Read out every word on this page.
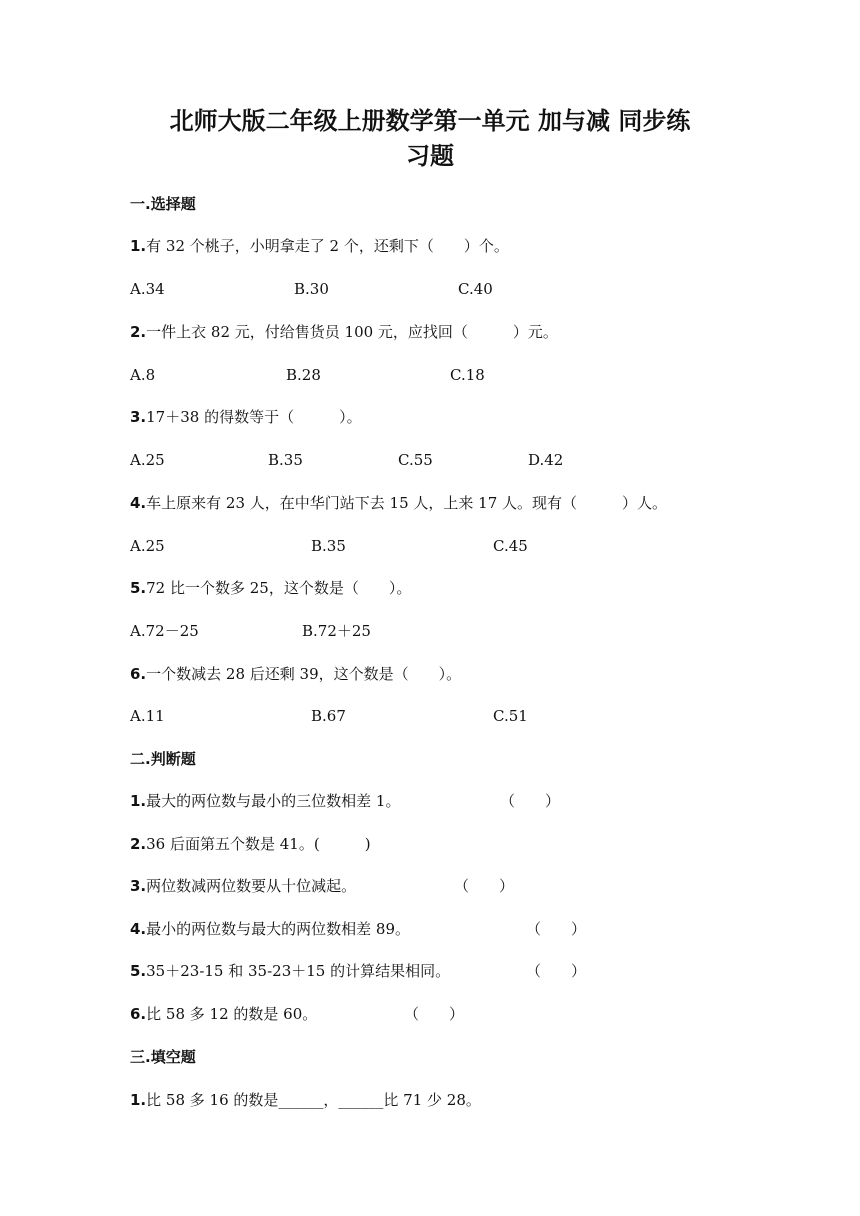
北师大版二年级上册数学第一单元 加与减 同步练
习题
一.选择题
1.有 32 个桃子，小明拿走了 2 个，还剩下（　　）个。
A.34	B.30	C.40
2.一件上衣 82 元，付给售货员 100 元，应找回（　　　）元。
A.8	B.28	C.18
3.17＋38 的得数等于（　　　）。
A.25	B.35	C.55	D.42
4.车上原来有 23 人，在中华门站下去 15 人，上来 17 人。现有（　　　）人。
A.25	B.35	C.45
5.72 比一个数多 25，这个数是（　　）。
A.72－25	B.72＋25
6.一个数减去 28 后还剩 39，这个数是（　　）。
A.11	B.67	C.51
二.判断题
1.最大的两位数与最小的三位数相差 1。	（　　）
2.36 后面第五个数是 41。(　　　)
3.两位数减两位数要从十位减起。	（　　）
4.最小的两位数与最大的两位数相差 89。	（　　）
5.35＋23-15 和 35-23＋15 的计算结果相同。	（　　）
6.比 58 多 12 的数是 60。	（　　）
三.填空题
1.比 58 多 16 的数是______，______比 71 少 28。
